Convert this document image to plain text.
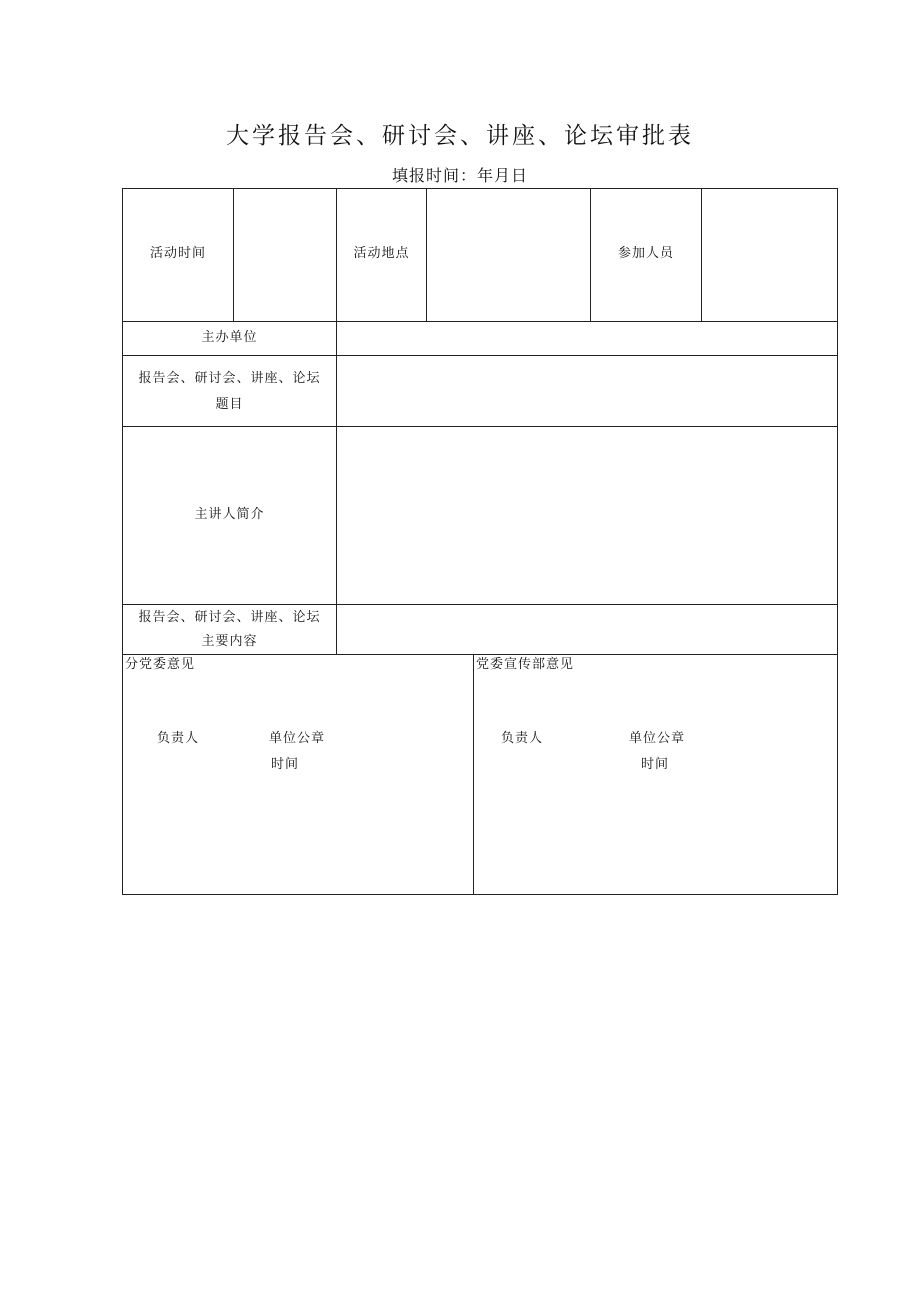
大学报告会、研讨会、讲座、论坛审批表
填报时间：年月日
活动时间	活动地点	参加人员
主办单位
报告会、研讨会、讲座、论坛
题目
主讲人简介
报告会、研讨会、讲座、论坛
主要内容
分党委意见
负责人	单位公章
时间
党委宣传部意见
负责人	单位公章
时间
